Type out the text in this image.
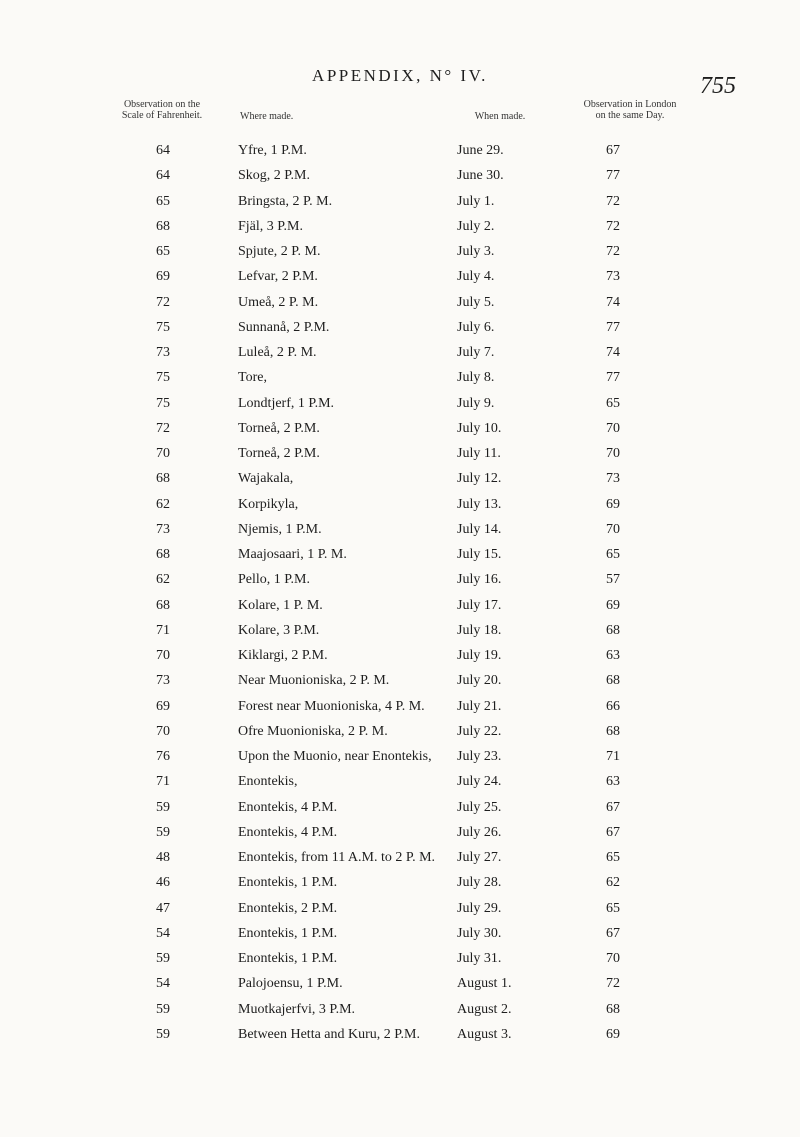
APPENDIX, N° IV.	755
Observation on the
Scale of Fahrenheit.	Where made.	When made.
Observation in London
on the same Day.
64	Yfre, 1 P.M.	June 29.	67
64	Skog, 2 P.M.	June 30.	77
65	Bringsta, 2 P. M.	July 1.	72
68	Fjäl, 3 P.M.	July 2.	72
65	Spjute, 2 P. M.	July 3.	72
69	Lefvar, 2 P.M.	July 4.	73
72	Umeå, 2 P. M.	July 5.	74
75	Sunnanå, 2 P.M.	July 6.	77
73	Luleå, 2 P. M.	July 7.	74
75	Tore,	July 8.	77
75	Londtjerf, 1 P.M.	July 9.	65
72	Torneå, 2 P.M.	July 10.	70
70	Torneå, 2 P.M.	July 11.	70
68	Wajakala,	July 12.	73
62	Korpikyla,	July 13.	69
73	Njemis, 1 P.M.	July 14.	70
68	Maajosaari, 1 P. M.	July 15.	65
62	Pello, 1 P.M.	July 16.	57
68	Kolare, 1 P. M.	July 17.	69
71	Kolare, 3 P.M.	July 18.	68
70	Kiklargi, 2 P.M.	July 19.	63
73	Near Muonioniska, 2 P. M.	July 20.	68
69	Forest near Muonioniska, 4 P. M. July 21.	66
70	Ofre Muonioniska, 2 P. M.	July 22.	68
76	Upon the Muonio, near Enontekis, July 23.	71
71	Enontekis,	July 24.	63
59	Enontekis, 4 P.M.	July 25.	67
59	Enontekis, 4 P.M.	July 26.	67
48	Enontekis, from 11 A.M. to 2 P. M. July 27.	65
46	Enontekis, 1 P.M.	July 28.	62
47	Enontekis, 2 P.M.	July 29.	65
54	Enontekis, 1 P.M.	July 30.	67
59	Enontekis, 1 P.M.	July 31.	70
54	Palojoensu, 1 P.M.	August 1.	72
59	Muotkajerfvi, 3 P.M.	August 2.	68
59	Between Hetta and Kuru, 2 P.M.	August 3.	69
